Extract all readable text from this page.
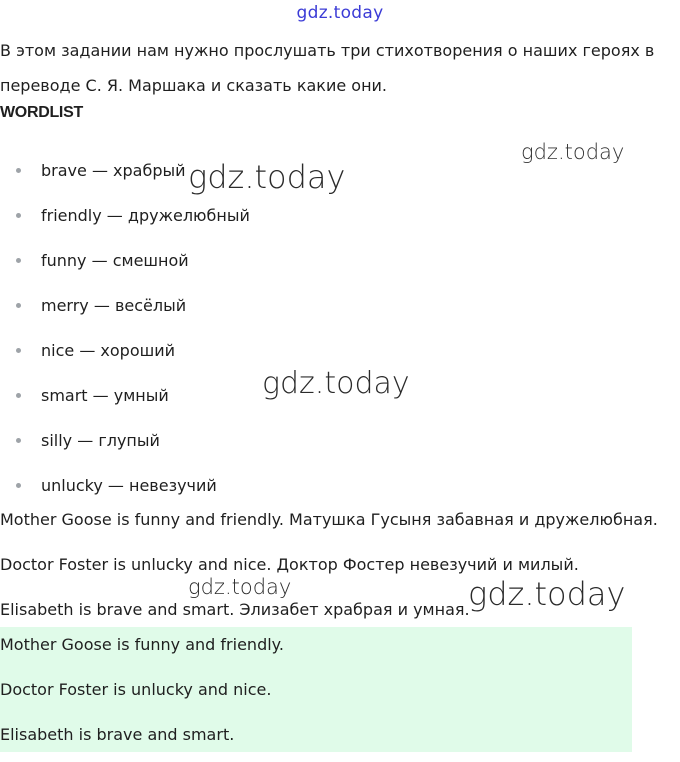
gdz.today

В этом задании нам нужно прослушать три стихотворения о наших героях в переводе С. Я. Маршака и сказать какие они.

WORDLIST
brave — храбрый
friendly — дружелюбный
funny — смешной
merry — весёлый
nice — хороший
smart — умный
silly — глупый
unlucky — невезучий

Mother Goose is funny and friendly. Матушка Гусыня забавная и дружелюбная.

Doctor Foster is unlucky and nice. Доктор Фостер невезучий и милый.

Elisabeth is brave and smart. Элизабет храбрая и умная.

Mother Goose is funny and friendly.

Doctor Foster is unlucky and nice.

Elisabeth is brave and smart.

gdz.today
gdz.today
gdz.today
gdz.today	gdz.today
